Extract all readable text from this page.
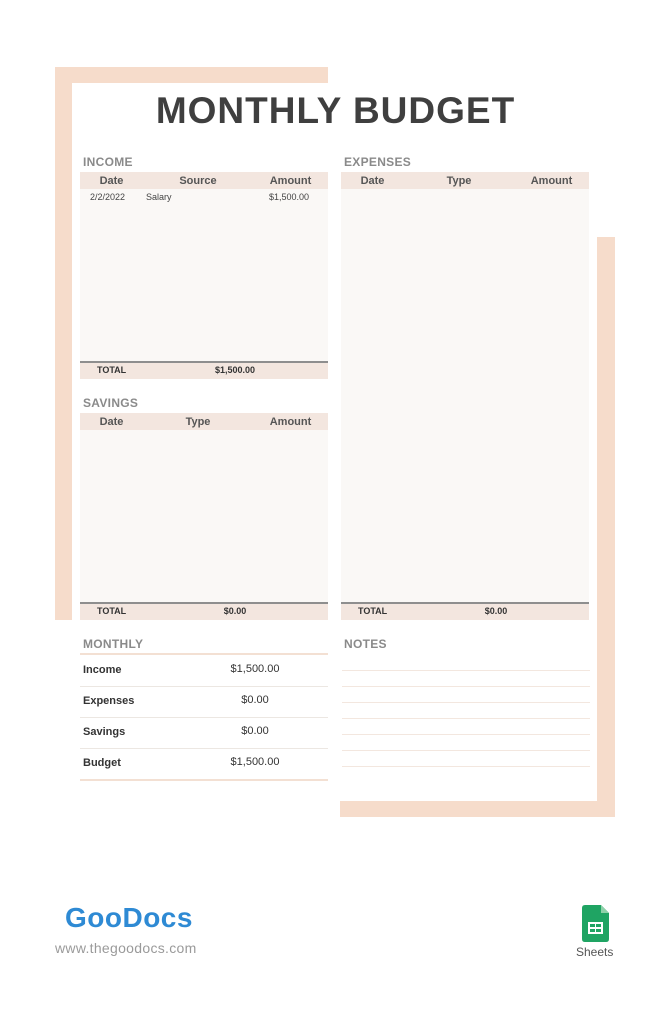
MONTHLY BUDGET
INCOME
Date	Source	Amount
2/2/2022 Salary	$1,500.00
TOTAL	$1,500.00
SAVINGS
Date	Type	Amount
TOTAL	$0.00
EXPENSES
Date	Type	Amount
TOTAL	$0.00
MONTHLY
Income	$1,500.00
Expenses	$0.00
Savings	$0.00
Budget	$1,500.00
NOTES
GooDocs
www.thegoodocs.com	Sheets
